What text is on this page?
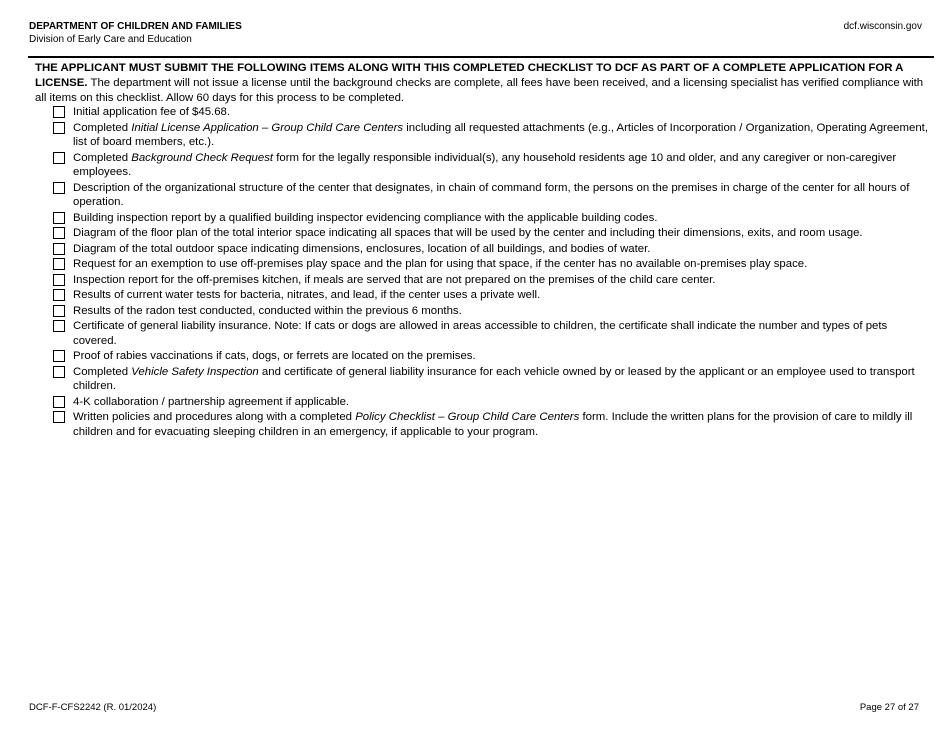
DEPARTMENT OF CHILDREN AND FAMILIES
Division of Early Care and Education
dcf.wisconsin.gov
THE APPLICANT MUST SUBMIT THE FOLLOWING ITEMS ALONG WITH THIS COMPLETED CHECKLIST TO DCF AS PART OF A COMPLETE APPLICATION FOR A LICENSE. The department will not issue a license until the background checks are complete, all fees have been received, and a licensing specialist has verified compliance with all items on this checklist. Allow 60 days for this process to be completed.
Initial application fee of $45.68.
Completed Initial License Application – Group Child Care Centers including all requested attachments (e.g., Articles of Incorporation / Organization, Operating Agreement, list of board members, etc.).
Completed Background Check Request form for the legally responsible individual(s), any household residents age 10 and older, and any caregiver or non-caregiver employees.
Description of the organizational structure of the center that designates, in chain of command form, the persons on the premises in charge of the center for all hours of operation.
Building inspection report by a qualified building inspector evidencing compliance with the applicable building codes.
Diagram of the floor plan of the total interior space indicating all spaces that will be used by the center and including their dimensions, exits, and room usage.
Diagram of the total outdoor space indicating dimensions, enclosures, location of all buildings, and bodies of water.
Request for an exemption to use off-premises play space and the plan for using that space, if the center has no available on-premises play space.
Inspection report for the off-premises kitchen, if meals are served that are not prepared on the premises of the child care center.
Results of current water tests for bacteria, nitrates, and lead, if the center uses a private well.
Results of the radon test conducted, conducted within the previous 6 months.
Certificate of general liability insurance. Note: If cats or dogs are allowed in areas accessible to children, the certificate shall indicate the number and types of pets covered.
Proof of rabies vaccinations if cats, dogs, or ferrets are located on the premises.
Completed Vehicle Safety Inspection and certificate of general liability insurance for each vehicle owned by or leased by the applicant or an employee used to transport children.
4-K collaboration / partnership agreement if applicable.
Written policies and procedures along with a completed Policy Checklist – Group Child Care Centers form. Include the written plans for the provision of care to mildly ill children and for evacuating sleeping children in an emergency, if applicable to your program.
DCF-F-CFS2242 (R. 01/2024)	Page 27 of 27
